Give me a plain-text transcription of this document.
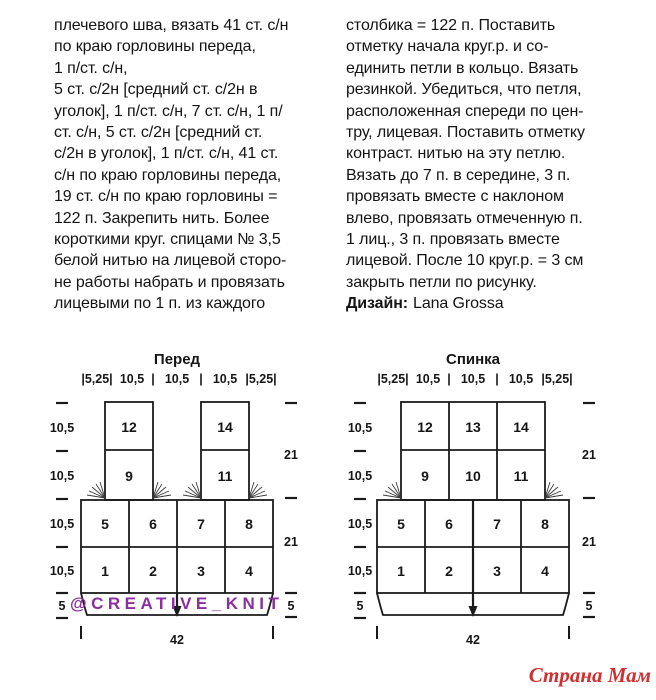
плечевого шва, вязать 41 ст. с/н
по краю горловины переда,
1 п/ст. с/н,
5 ст. с/2н [средний ст. с/2н в
уголок], 1 п/ст. с/н, 7 ст. с/н, 1 п/
ст. с/н, 5 ст. с/2н [средний ст.
с/2н в уголок], 1 п/ст. с/н, 41 ст.
с/н по краю горловины переда,
19 ст. с/н по краю горловины =
122 п. Закрепить нить. Более
короткими круг. спицами № 3,5
белой нитью на лицевой сторо-
не работы набрать и провязать
лицевыми по 1 п. из каждого
столбика = 122 п. Поставить
отметку начала круг.р. и со-
единить петли в кольцо. Вязать
резинкой. Убедиться, что петля,
расположенная спереди по цен-
тру, лицевая. Поставить отметку
контраст. нитью на эту петлю.
Вязать до 7 п. в середине, 3 п.
провязать вместе с наклоном
влево, провязать отмеченную п.
1 лиц., 3 п. провязать вместе
лицевой. После 10 круг.р. = 3 см
закрыть петли по рисунку.
Дизайн: Lana Grossa
Перед
|5,25| 10,5 | 10,5 | 10,5 |5,25|
12	14
9	11
5	6	7	8
1	2	3	4
10,5
10,5
10,5
10,5
5
21
21
5
42
Спинка
|5,25| 10,5 | 10,5 | 10,5 |5,25|
12 13 14
9	10 11
5	6	7	8
1	2	3	4
10,5
10,5
10,5
10,5
5
21
21
5
42
@CREATIVE_KNIT
Страна Мам
